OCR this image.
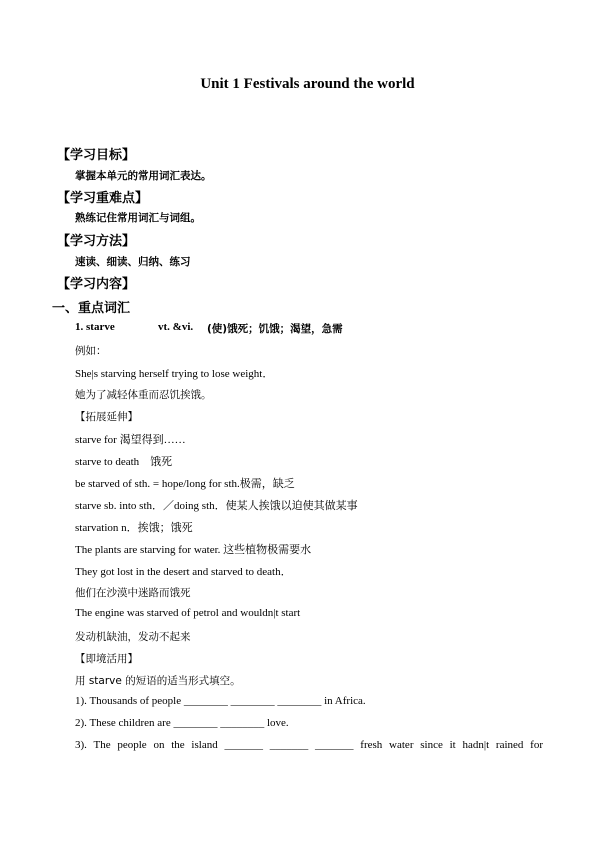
Unit 1 Festivals around the world
【学习目标】
掌握本单元的常用词汇表达。
【学习重难点】
熟练记住常用词汇与词组。
【学习方法】
速读、细读、归纳、练习
【学习内容】
一、重点词汇
1. starve	vt. &vi. (使)饿死；饥饿；渴望，急需
例如：
She|s starving herself trying to lose weight．
她为了减轻体重而忍饥挨饿。
【拓展延伸】
starve for 渴望得到……
starve to death　饿死
be starved of sth. = hope/long for sth.极需，缺乏
starve sb. into sth．／doing sth．使某人挨饿以迫使其做某事
starvation n．挨饿；饿死
The plants are starving for water. 这些植物极需要水
They got lost in the desert and starved to death．
他们在沙漠中迷路而饿死
The engine was starved of petrol and wouldn|t start
发动机缺油，发动不起来
【即境活用】
用 starve 的短语的适当形式填空。
1). Thousands of people ________ ________ ________ in Africa.
2). These children are ________ ________ love.
3). The people on the island _______ _______ _______ fresh water since it hadn|t rained for
